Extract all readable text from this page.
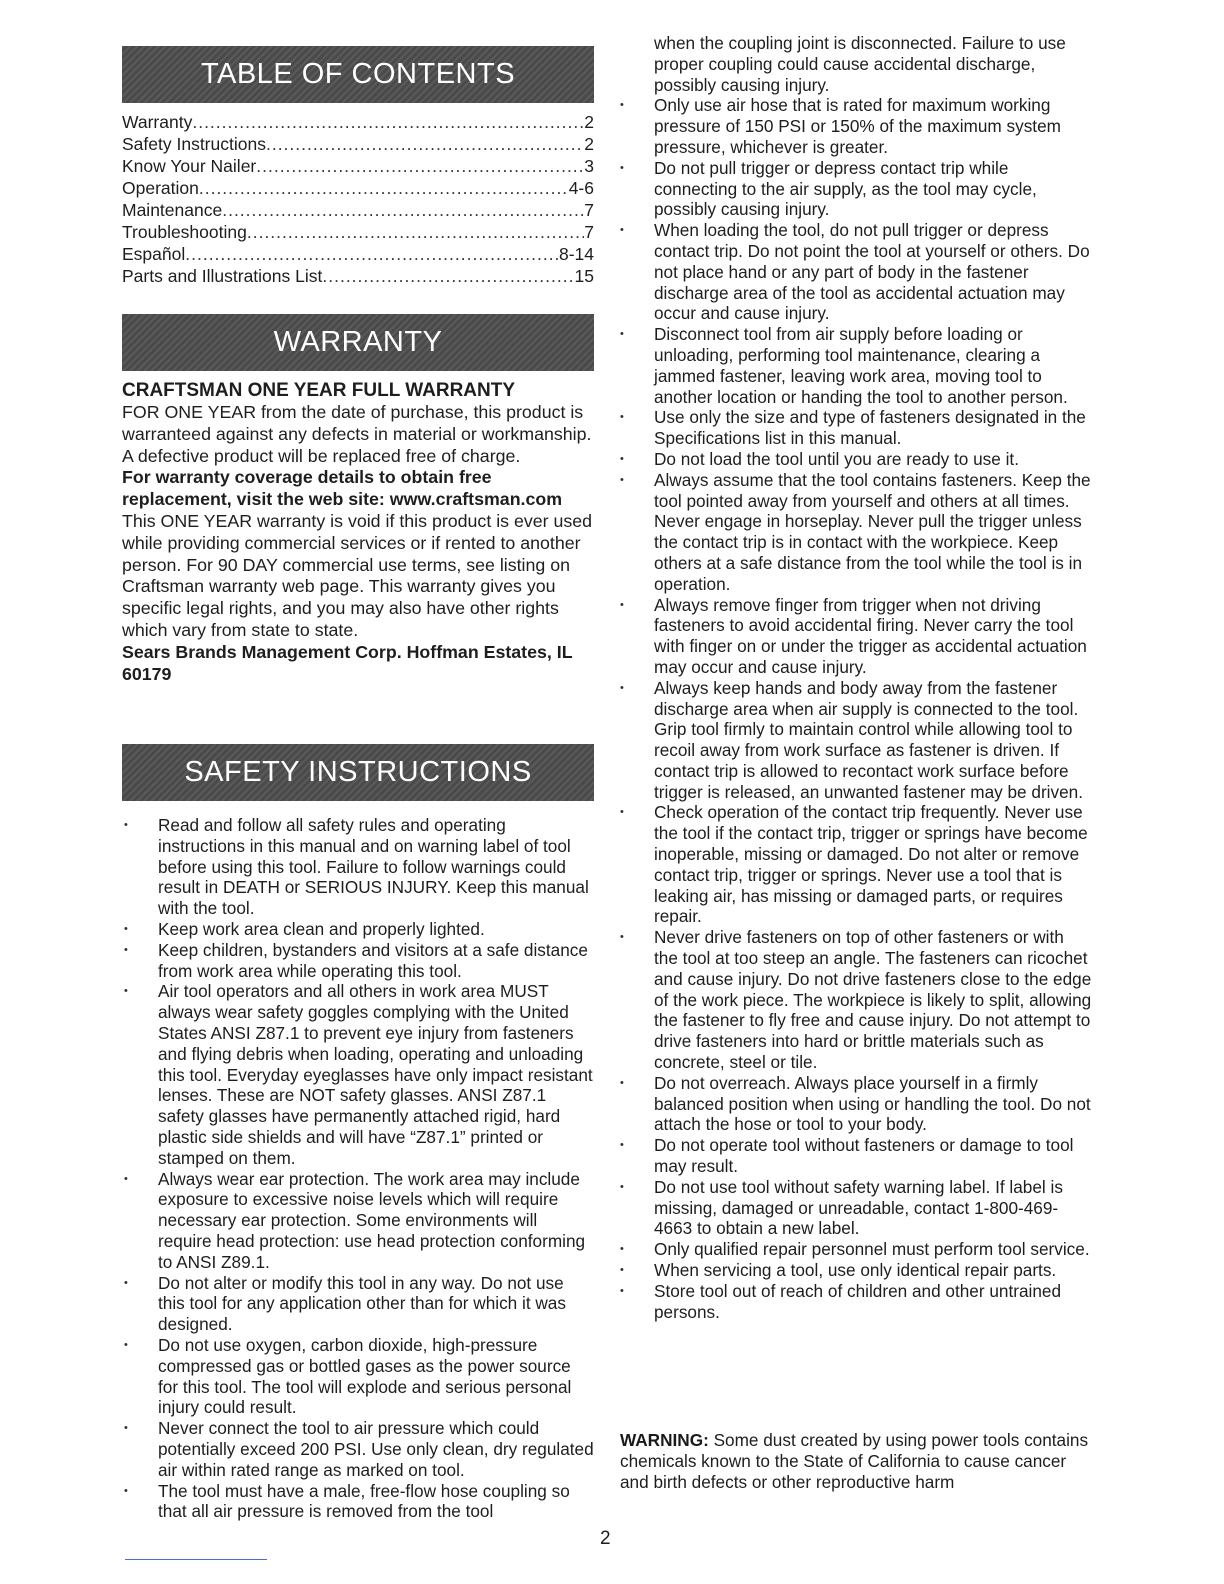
TABLE OF CONTENTS
Warranty .....	2
Safety Instructions .....	2
Know Your Nailer .....	3
Operation .....	4-6
Maintenance .....	7
Troubleshooting .....	7
Español .....	8-14
Parts and Illustrations List .....	15
WARRANTY
CRAFTSMAN ONE YEAR FULL WARRANTY

FOR ONE YEAR from the date of purchase, this product is warranteed against any defects in material or workmanship. A defective product will be replaced free of charge.

For warranty coverage details to obtain free replacement, visit the web site: www.craftsman.com

This ONE YEAR warranty is void if this product is ever used while providing commercial services or if rented to another person. For 90 DAY commercial use terms, see listing on Craftsman warranty web page. This warranty gives you specific legal rights, and you may also have other rights which vary from state to state.

Sears Brands Management Corp. Hoffman Estates, IL 60179

SAFETY INSTRUCTIONS
• Read and follow all safety rules and operating instructions in this manual and on warning label of tool before using this tool. Failure to follow warnings could result in DEATH or SERIOUS INJURY. Keep this manual with the tool.
• Keep work area clean and properly lighted.
• Keep children, bystanders and visitors at a safe distance from work area while operating this tool.
• Air tool operators and all others in work area MUST always wear safety goggles complying with the United States ANSI Z87.1 to prevent eye injury from fasteners and flying debris when loading, operating and unloading this tool. Everyday eyeglasses have only impact resistant lenses. These are NOT safety glasses. ANSI Z87.1 safety glasses have permanently attached rigid, hard plastic side shields and will have “Z87.1” printed or stamped on them.
• Always wear ear protection. The work area may include exposure to excessive noise levels which will require necessary ear protection. Some environments will require head protection: use head protection conforming to ANSI Z89.1.
• Do not alter or modify this tool in any way. Do not use this tool for any application other than for which it was designed.
• Do not use oxygen, carbon dioxide, high-pressure compressed gas or bottled gases as the power source for this tool. The tool will explode and serious personal injury could result.
• Never connect the tool to air pressure which could potentially exceed 200 PSI. Use only clean, dry regulated air within rated range as marked on tool.
• The tool must have a male, free-flow hose coupling so that all air pressure is removed from the tool
when the coupling joint is disconnected. Failure to use proper coupling could cause accidental discharge, possibly causing injury.
• Only use air hose that is rated for maximum working pressure of 150 PSI or 150% of the maximum system pressure, whichever is greater.
• Do not pull trigger or depress contact trip while connecting to the air supply, as the tool may cycle, possibly causing injury.
• When loading the tool, do not pull trigger or depress contact trip. Do not point the tool at yourself or others. Do not place hand or any part of body in the fastener discharge area of the tool as accidental actuation may occur and cause injury.
• Disconnect tool from air supply before loading or unloading, performing tool maintenance, clearing a jammed fastener, leaving work area, moving tool to another location or handing the tool to another person.
• Use only the size and type of fasteners designated in the Specifications list in this manual.
• Do not load the tool until you are ready to use it.
• Always assume that the tool contains fasteners. Keep the tool pointed away from yourself and others at all times. Never engage in horseplay. Never pull the trigger unless the contact trip is in contact with the workpiece. Keep others at a safe distance from the tool while the tool is in operation.
• Always remove finger from trigger when not driving fasteners to avoid accidental firing. Never carry the tool with finger on or under the trigger as accidental actuation may occur and cause injury.
• Always keep hands and body away from the fastener discharge area when air supply is connected to the tool. Grip tool firmly to maintain control while allowing tool to recoil away from work surface as fastener is driven. If contact trip is allowed to recontact work surface before trigger is released, an unwanted fastener may be driven.
• Check operation of the contact trip frequently. Never use the tool if the contact trip, trigger or springs have become inoperable, missing or damaged. Do not alter or remove contact trip, trigger or springs. Never use a tool that is leaking air, has missing or damaged parts, or requires repair.
• Never drive fasteners on top of other fasteners or with the tool at too steep an angle. The fasteners can ricochet and cause injury. Do not drive fasteners close to the edge of the work piece. The workpiece is likely to split, allowing the fastener to fly free and cause injury. Do not attempt to drive fasteners into hard or brittle materials such as concrete, steel or tile.
• Do not overreach. Always place yourself in a firmly balanced position when using or handling the tool. Do not attach the hose or tool to your body.
• Do not operate tool without fasteners or damage to tool may result.
• Do not use tool without safety warning label. If label is missing, damaged or unreadable, contact 1-800-469-4663 to obtain a new label.
• Only qualified repair personnel must perform tool service.
• When servicing a tool, use only identical repair parts.
• Store tool out of reach of children and other untrained persons.
WARNING: Some dust created by using power tools contains chemicals known to the State of California to cause cancer and birth defects or other reproductive harm
2
